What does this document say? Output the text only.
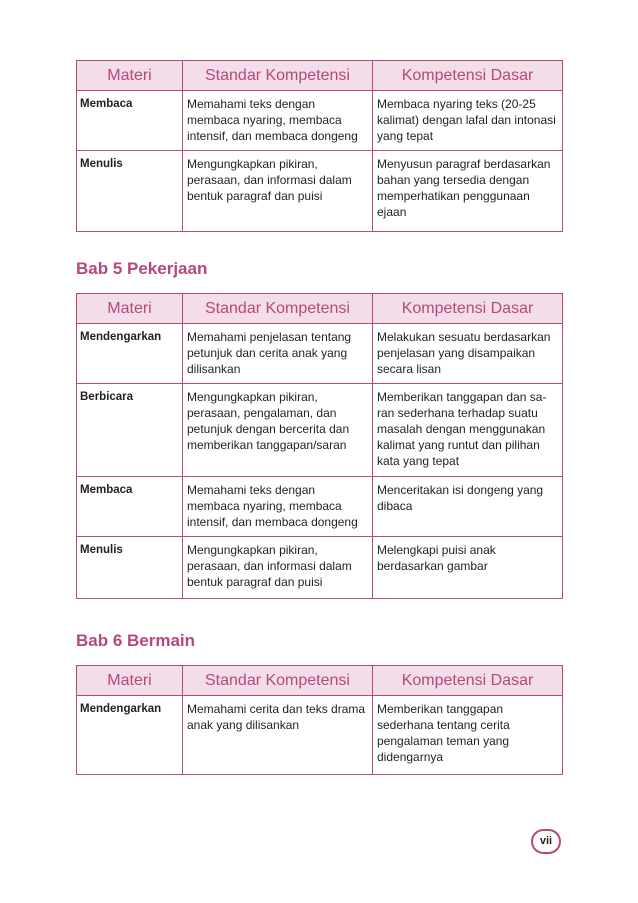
Materi	Standar Kompetensi	Kompetensi Dasar
Membaca	Memahami teks dengan membaca nyaring, membaca intensif, dan membaca dongeng	Membaca nyaring teks (20-25 kalimat) dengan lafal dan intonasi yang tepat
Menulis	Mengungkapkan pikiran, perasaan, dan informasi dalam bentuk paragraf dan puisi	Menyusun paragraf berdasarkan bahan yang tersedia dengan memperhatikan penggunaan ejaan
Bab 5 Pekerjaan
Materi	Standar Kompetensi	Kompetensi Dasar
Mendengarkan	Memahami penjelasan tentang petunjuk dan cerita anak yang dilisankan	Melakukan sesuatu berdasarkan penjelasan yang disampaikan secara lisan
Berbicara	Mengungkapkan pikiran, perasaan, pengalaman, dan petunjuk dengan bercerita dan memberikan tanggapan/saran	Memberikan tanggapan dan sa-ran sederhana terhadap suatu masalah dengan menggunakan kalimat yang runtut dan pilihan kata yang tepat
Membaca	Memahami teks dengan membaca nyaring, membaca intensif, dan membaca dongeng	Menceritakan isi dongeng yang dibaca
Menulis	Mengungkapkan pikiran, perasaan, dan informasi dalam bentuk paragraf dan puisi	Melengkapi puisi anak berdasarkan gambar
Bab 6 Bermain
Materi	Standar Kompetensi	Kompetensi Dasar
Mendengarkan	Memahami cerita dan teks drama anak yang dilisankan	Memberikan tanggapan sederhana tentang cerita pengalaman teman yang didengarnya
vii
